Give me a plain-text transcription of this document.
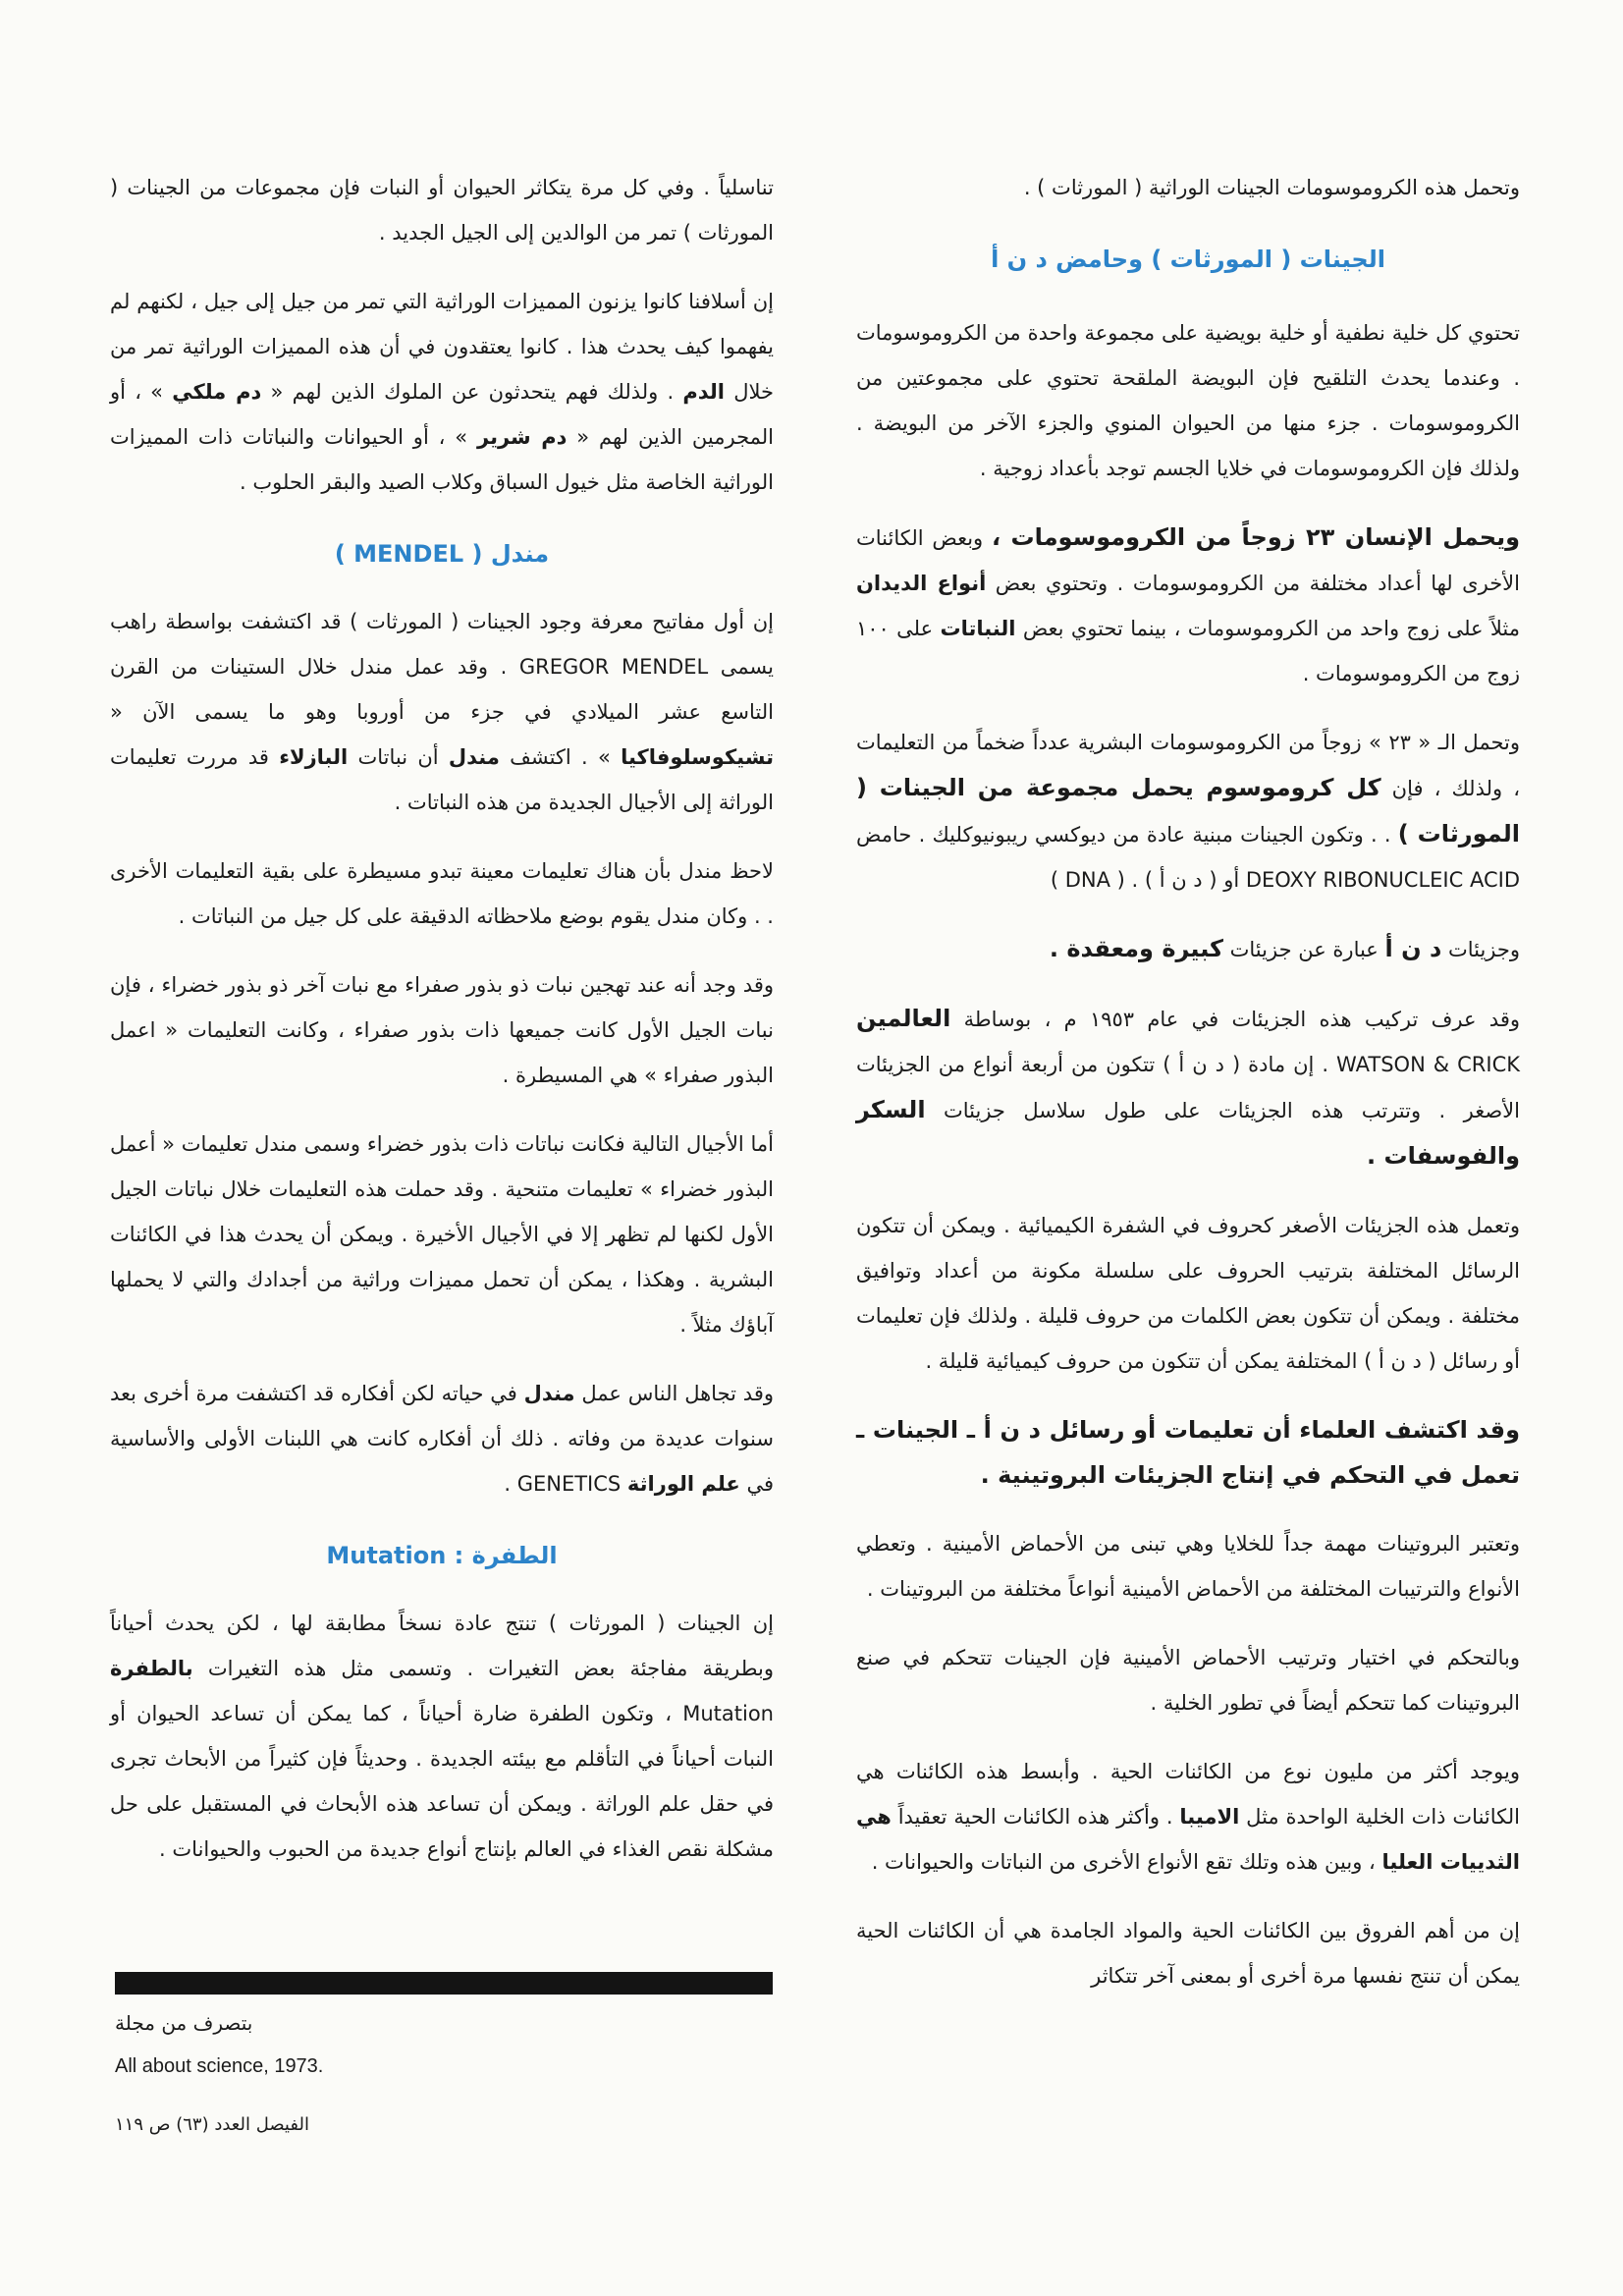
وتحمل هذه الكروموسومات الجينات الوراثية ( المورثات ) .

الجينات ( المورثات ) وحامض د ن أ

تحتوي كل خلية نطفية أو خلية بويضية على مجموعة واحدة من الكروموسومات . وعندما يحدث التلقيح فإن البويضة الملقحة تحتوي على مجموعتين من الكروموسومات . جزء منها من الحيوان المنوي والجزء الآخر من البويضة . ولذلك فإن الكروموسومات في خلايا الجسم توجد بأعداد زوجية .

ويحمل الإنسان ٢٣ زوجاً من الكروموسومات ، وبعض الكائنات الأخرى لها أعداد مختلفة من الكروموسومات . وتحتوي بعض أنواع الديدان مثلاً على زوج واحد من الكروموسومات ، بينما تحتوي بعض النباتات على ١٠٠ زوج من الكروموسومات .

وتحمل الـ « ٢٣ » زوجاً من الكروموسومات البشرية عدداً ضخماً من التعليمات ، ولذلك ، فإن كل كروموسوم يحمل مجموعة من الجينات ( المورثات ) . . وتكون الجينات مبنية عادة من ديوكسي ريبونيوكليك . حامض DEOXY RIBONUCLEIC ACID أو ( د ن أ ) . ( DNA )

وجزيئات د ن أ عبارة عن جزيئات كبيرة ومعقدة .

وقد عرف تركيب هذه الجزيئات في عام ١٩٥٣ م ، بوساطة العالمين WATSON & CRICK . إن مادة ( د ن أ ) تتكون من أربعة أنواع من الجزيئات الأصغر . وتترتب هذه الجزيئات على طول سلاسل جزيئات السكر والفوسفات .

وتعمل هذه الجزيئات الأصغر كحروف في الشفرة الكيميائية . ويمكن أن تتكون الرسائل المختلفة بترتيب الحروف على سلسلة مكونة من أعداد وتوافيق مختلفة . ويمكن أن تتكون بعض الكلمات من حروف قليلة . ولذلك فإن تعليمات أو رسائل ( د ن أ ) المختلفة يمكن أن تتكون من حروف كيميائية قليلة .

وقد اكتشف العلماء أن تعليمات أو رسائل د ن أ ـ الجينات ـ تعمل في التحكم في إنتاج الجزيئات البروتينية .

وتعتبر البروتينات مهمة جداً للخلايا وهي تبنى من الأحماض الأمينية . وتعطي الأنواع والترتيبات المختلفة من الأحماض الأمينية أنواعاً مختلفة من البروتينات .

وبالتحكم في اختيار وترتيب الأحماض الأمينية فإن الجينات تتحكم في صنع البروتينات كما تتحكم أيضاً في تطور الخلية .

ويوجد أكثر من مليون نوع من الكائنات الحية . وأبسط هذه الكائنات هي الكائنات ذات الخلية الواحدة مثل الاميبا . وأكثر هذه الكائنات الحية تعقيداً هي الثدييات العليا ، وبين هذه وتلك تقع الأنواع الأخرى من النباتات والحيوانات .

إن من أهم الفروق بين الكائنات الحية والمواد الجامدة هي أن الكائنات الحية يمكن أن تنتج نفسها مرة أخرى أو بمعنى آخر تتكاثر

تناسلياً . وفي كل مرة يتكاثر الحيوان أو النبات فإن مجموعات من الجينات ( المورثات ) تمر من الوالدين إلى الجيل الجديد .

إن أسلافنا كانوا يزنون المميزات الوراثية التي تمر من جيل إلى جيل ، لكنهم لم يفهموا كيف يحدث هذا . كانوا يعتقدون في أن هذه المميزات الوراثية تمر من خلال الدم . ولذلك فهم يتحدثون عن الملوك الذين لهم « دم ملكي » ، أو المجرمين الذين لهم « دم شرير » ، أو الحيوانات والنباتات ذات المميزات الوراثية الخاصة مثل خيول السباق وكلاب الصيد والبقر الحلوب .

مندل ( MENDEL )

إن أول مفاتيح معرفة وجود الجينات ( المورثات ) قد اكتشفت بواسطة راهب يسمى GREGOR MENDEL . وقد عمل مندل خلال الستينات من القرن التاسع عشر الميلادي في جزء من أوروبا وهو ما يسمى الآن « تشيكوسلوفاكيا » . اكتشف مندل أن نباتات البازلاء قد مررت تعليمات الوراثة إلى الأجيال الجديدة من هذه النباتات .

لاحظ مندل بأن هناك تعليمات معينة تبدو مسيطرة على بقية التعليمات الأخرى . . وكان مندل يقوم بوضع ملاحظاته الدقيقة على كل جيل من النباتات .

وقد وجد أنه عند تهجين نبات ذو بذور صفراء مع نبات آخر ذو بذور خضراء ، فإن نبات الجيل الأول كانت جميعها ذات بذور صفراء ، وكانت التعليمات « اعمل البذور صفراء » هي المسيطرة .

أما الأجيال التالية فكانت نباتات ذات بذور خضراء وسمى مندل تعليمات « أعمل البذور خضراء » تعليمات متنحية . وقد حملت هذه التعليمات خلال نباتات الجيل الأول لكنها لم تظهر إلا في الأجيال الأخيرة . ويمكن أن يحدث هذا في الكائنات البشرية . وهكذا ، يمكن أن تحمل مميزات وراثية من أجدادك والتي لا يحملها آباؤك مثلاً .

وقد تجاهل الناس عمل مندل في حياته لكن أفكاره قد اكتشفت مرة أخرى بعد سنوات عديدة من وفاته . ذلك أن أفكاره كانت هي اللبنات الأولى والأساسية في علم الوراثة GENETICS .

الطفرة : Mutation

إن الجينات ( المورثات ) تنتج عادة نسخاً مطابقة لها ، لكن يحدث أحياناً وبطريقة مفاجئة بعض التغيرات . وتسمى مثل هذه التغيرات بالطفرة Mutation ، وتكون الطفرة ضارة أحياناً ، كما يمكن أن تساعد الحيوان أو النبات أحياناً في التأقلم مع بيئته الجديدة . وحديثاً فإن كثيراً من الأبحاث تجرى في حقل علم الوراثة . ويمكن أن تساعد هذه الأبحاث في المستقبل على حل مشكلة نقص الغذاء في العالم بإنتاج أنواع جديدة من الحبوب والحيوانات .

بتصرف من مجلة
All about science, 1973.
الفيصل العدد (٦٣) ص ١١٩
